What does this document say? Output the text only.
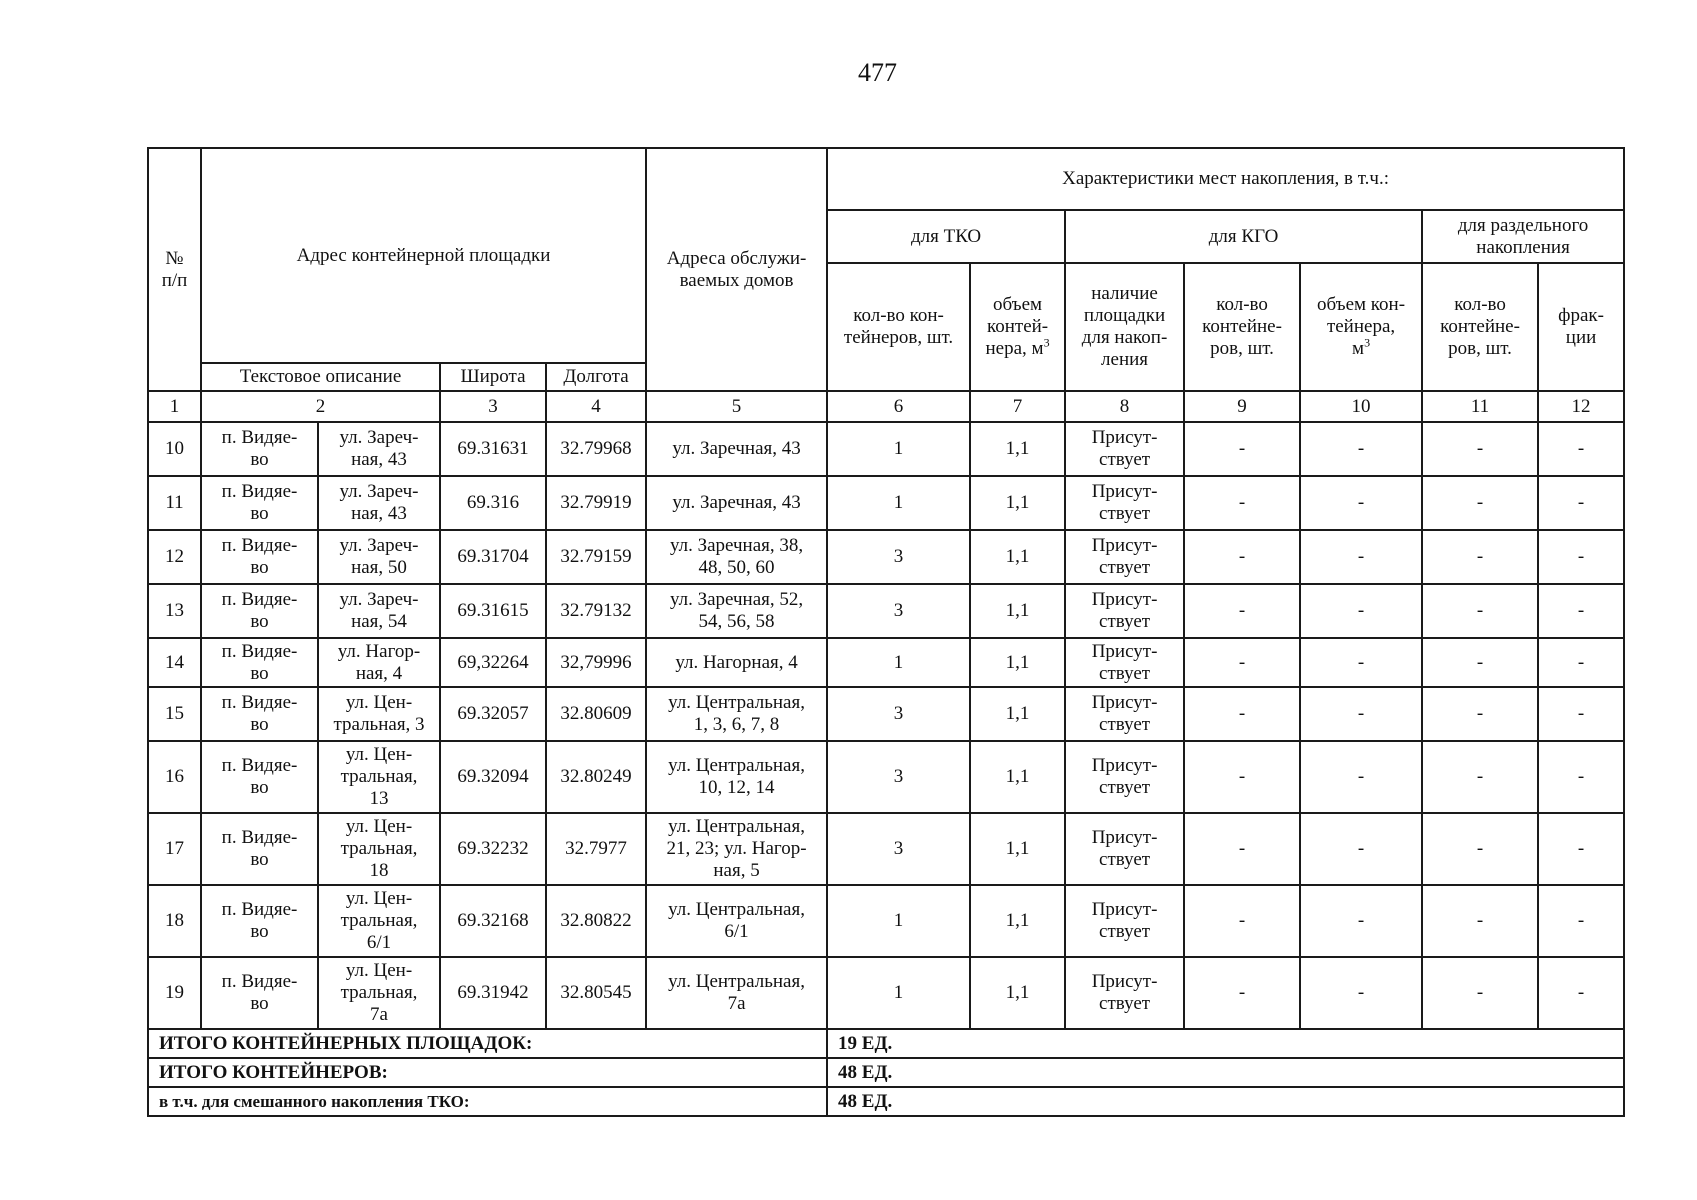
477
№
п/п	Адрес контейнерной площадки				Адреса обслужи-
ваемых домов	Характеристики мест накопления, в т.ч.:						
						для ТКО		для КГО			для раздельного
накопления	
						кол-во кон-
тейнеров, шт.	объем
контей-
нера, $м^3$	наличие
площадки
для накоп-
ления	кол-во
контейне-
ров, шт.	объем кон-
тейнера,
$м^3$	кол-во
контейне-
ров, шт.	фрак-
ции
	Текстовое описание		Широта	Долгота								
1	2		3	4	5	6	7	8	9	10	11	12
10	п. Видяе-
во	ул. Зареч-
ная, 43	69.31631	32.79968	ул. Заречная, 43	1	1,1	Присут-
ствует	-	-	-	-
11	п. Видяе-
во	ул. Зареч-
ная, 43	69.316	32.79919	ул. Заречная, 43	1	1,1	Присут-
ствует	-	-	-	-
12	п. Видяе-
во	ул. Зареч-
ная, 50	69.31704	32.79159	ул. Заречная, 38,
48, 50, 60	3	1,1	Присут-
ствует	-	-	-	-
13	п. Видяе-
во	ул. Зареч-
ная, 54	69.31615	32.79132	ул. Заречная, 52,
54, 56, 58	3	1,1	Присут-
ствует	-	-	-	-
14	п. Видяе-
во	ул. Нагор-
ная, 4	69,32264	32,79996	ул. Нагорная, 4	1	1,1	Присут-
ствует	-	-	-	-
15	п. Видяе-
во	ул. Цен-
тральная, 3	69.32057	32.80609	ул. Центральная,
1, 3, 6, 7, 8	3	1,1	Присут-
ствует	-	-	-	-
16	п. Видяе-
во	ул. Цен-
тральная,
13	69.32094	32.80249	ул. Центральная,
10, 12, 14	3	1,1	Присут-
ствует	-	-	-	-
17	п. Видяе-
во	ул. Цен-
тральная,
18	69.32232	32.7977	ул. Центральная,
21, 23; ул. Нагор-
ная, 5	3	1,1	Присут-
ствует	-	-	-	-
18	п. Видяе-
во	ул. Цен-
тральная,
6/1	69.32168	32.80822	ул. Центральная,
6/1	1	1,1	Присут-
ствует	-	-	-	-
19	п. Видяе-
во	ул. Цен-
тральная,
7а	69.31942	32.80545	ул. Центральная,
7а	1	1,1	Присут-
ствует	-	-	-	-
ИТОГО КОНТЕЙНЕРНЫХ ПЛОЩАДОК:						19 ЕД.						
ИТОГО КОНТЕЙНЕРОВ:						48 ЕД.						
в т.ч. для смешанного накопления ТКО:						48 ЕД.						
